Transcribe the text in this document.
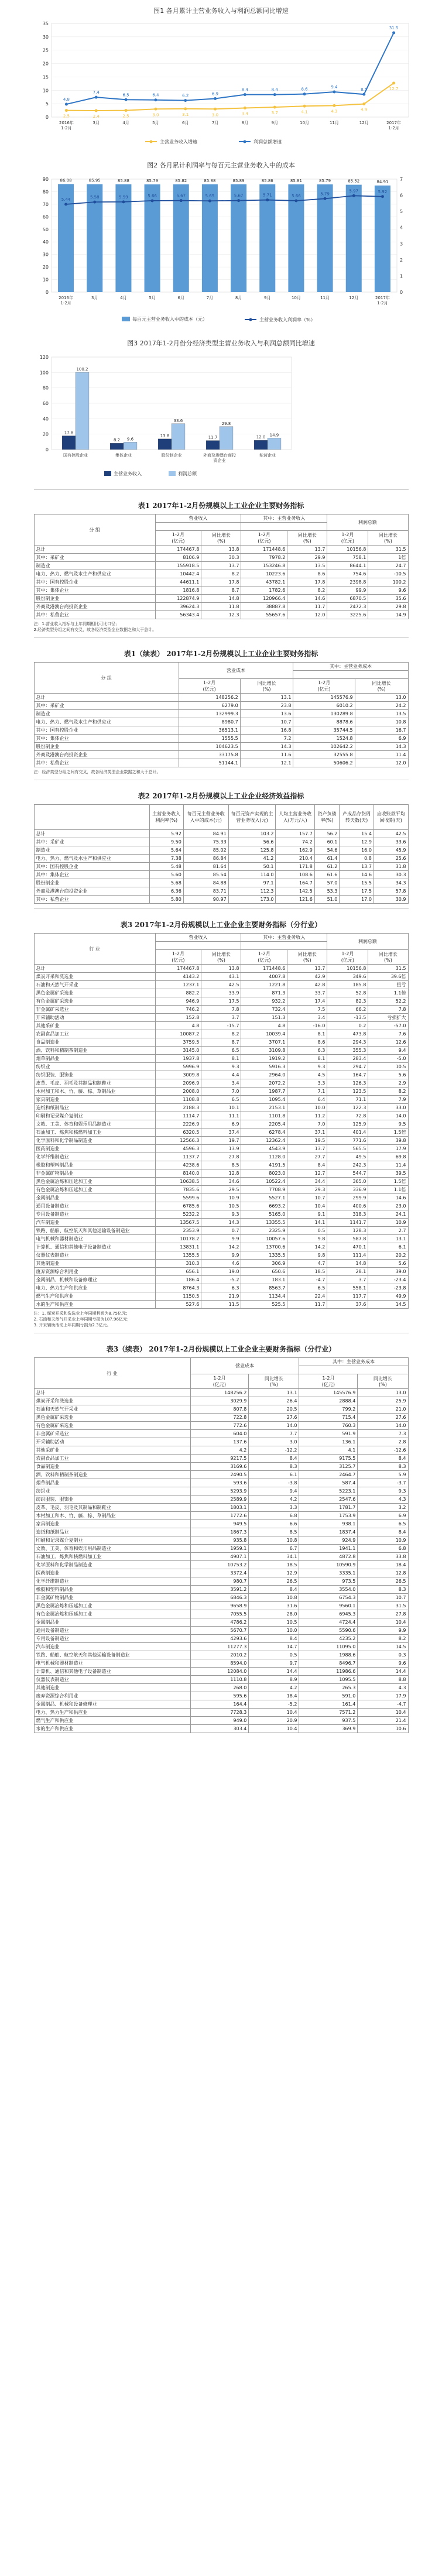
图1 各月累计主营业务收入与利润总额同比增速
0
5
10
15
20
25
30
35
2016年
1-2月
3月	4月	5月	6月	7月	8月	9月	10月	11月	12月	2017年
1-2月
2.5	2.4	2.5	3.0	3.1	3.0	3.4	3.7	4.1	4.3	4.9
12.7
4.8
7.4
6.5	6.4	6.2	6.9
8.4	8.4	8.6	9.4
8.5
31.5
主营业务收入增速	利润总额增速
图2 各月累计利润率与每百元主营业务收入中的成本
0
10
20
30
40
50
60
70
80
90
0
1
2
3
4
5
6
7
86.08	85.95	85.88	85.79	85.82	85.88	85.89	85.86	85.81	85.79	85.52	84.91
5.44	5.58	5.59	5.66	5.67	5.65	5.67	5.71	5.66	5.79
5.97	5.92
2016年
1-2月
3月	4月	5月	6月	7月	8月	9月	10月	11月	12月	2017年
1-2月
每百元主营业务收入中的成本（元）	主营业务收入利润率（%）
图3 2017年1-2月份分经济类型主营业务收入与利润总额同比增速
0
20
40
60
80
100
120
17.8
8.2
13.8	11.7	12.0
100.2
9.6
33.6
29.8
14.9
国有控股企业	集体企业	股份制企业	外商及港澳台商投
资企业
私营企业
主营业务收入	利润总额
表1 2017年1-2月份规模以上工业企业主要财务指标
分 组	营业收入		其中：主营业务收入		利润总额	

	1-2月
(亿元)	同比增长
(%)	1-2月
(亿元)	同比增长
(%)	1-2月
(亿元)	同比增长
(%)
总计	174467.8	13.8	171448.6	13.7	10156.8	31.5
其中：采矿业	8106.9	30.3	7978.2	29.9	758.1	1倍
制造业	155918.5	13.7	153246.8	13.5	8644.1	24.7
电力、热力、燃气及水生产和供应业	10442.4	8.2	10223.6	8.6	754.6	-10.5
其中：国有控股企业	44611.1	17.8	43782.1	17.8	2398.8	100.2
其中：集体企业	1816.8	8.7	1782.6	8.2	99.9	9.6
股份制企业	122874.9	14.8	120966.4	14.6	6870.5	35.6
外商及港澳台商投资企业	39624.3	11.8	38887.8	11.7	2472.3	29.8
其中：私营企业	56343.4	12.3	55657.6	12.0	3225.6	14.9
注：1.营业收入指标与上年同期相比可比口径；
2.经济类型分组之间有交叉，故各经济类型企业数据之和大于总计。
表1（续表） 2017年1-2月份规模以上工业企业主要财务指标
分 组	营业成本		其中：主营业务成本	

	1-2月
(亿元)	同比增长
(%)	1-2月
(亿元)	同比增长
(%)
总计	148256.2	13.1	145576.9	13.0
其中：采矿业	6279.0	23.8	6010.2	24.2
制造业	132999.3	13.6	130289.8	13.5
电力、热力、燃气及水生产和供应业	8980.7	10.7	8878.6	10.8
其中：国有控股企业	36513.1	16.8	35744.5	16.7
其中：集体企业	1555.5	7.2	1524.8	6.9
股份制企业	104623.5	14.3	102642.2	14.3
外商及港澳台商投资企业	33175.8	11.6	32555.8	11.4
其中：私营企业	51144.1	12.1	50606.2	12.0
注：经济类型分组之间有交叉，故各经济类型企业数据之和大于总计。
表2 2017年1-2月份规模以上工业企业经济效益指标
	主营业务收入利润率(%)	每百元主营业务收入中的成本(元)	每百元资产实现的主营业务收入(元)	人均主营业务收入(万元/人)	资产负债率(%)	产成品存货周转天数(天)	应收账款平均回收期(天)
总计	5.92	84.91	103.2	157.7	56.2	15.4	42.5
其中：采矿业	9.50	75.33	56.6	74.2	60.1	12.9	33.6
制造业	5.64	85.02	125.8	162.9	54.6	16.0	45.9
电力、热力、燃气及水生产和供应业	7.38	86.84	41.2	210.4	61.4	0.8	25.6
其中：国有控股企业	5.48	81.64	50.1	171.8	61.2	13.7	31.8
其中：集体企业	5.60	85.54	114.0	108.6	61.6	14.6	30.3
股份制企业	5.68	84.88	97.1	164.7	57.0	15.5	34.3
外商及港澳台商投资企业	6.36	83.71	112.3	142.5	53.3	17.5	57.8
其中：私营企业	5.80	90.97	173.0	121.6	51.0	17.0	30.9
表3 2017年1-2月份规模以上工业企业主要财务指标（分行业）
行 业	营业收入		其中：主营业务收入		利润总额	

	1-2月
(亿元)	同比增长
(%)	1-2月
(亿元)	同比增长
(%)	1-2月
(亿元)	同比增长
(%)
总计	174467.8	13.8	171448.6	13.7	10156.8	31.5
煤炭开采和洗选业	4143.2	43.1	4007.8	42.9	349.6	39.6倍
石油和天然气开采业	1237.1	42.5	1221.8	42.8	185.8	扭亏
黑色金属矿采选业	882.2	33.9	871.3	33.7	52.8	1.1倍
有色金属矿采选业	946.9	17.5	932.2	17.4	82.3	52.2
非金属矿采选业	746.2	7.8	732.4	7.5	66.2	7.8
开采辅助活动	152.8	3.7	151.3	3.4	-13.5	亏损扩大
其他采矿业	4.8	-15.7	4.8	-16.0	0.2	-57.0
农副食品加工业	10087.2	8.2	10039.4	8.1	473.8	7.6
食品制造业	3759.5	8.7	3707.1	8.6	294.3	12.6
酒、饮料和精制茶制造业	3145.0	6.5	3109.8	6.3	355.3	9.4
烟草制品业	1937.8	8.1	1919.2	8.1	283.4	-5.0
纺织业	5996.9	9.3	5916.3	9.3	294.7	10.5
纺织服装、服饰业	3009.8	4.4	2964.0	4.5	164.7	5.6
皮革、毛皮、羽毛及其制品和制鞋业	2096.9	3.4	2072.2	3.3	126.3	2.9
木材加工和木、竹、藤、棕、草制品业	2008.0	7.0	1987.7	7.1	123.5	8.2
家具制造业	1108.8	6.5	1095.4	6.4	71.1	7.9
造纸和纸制品业	2188.3	10.1	2153.1	10.0	122.3	33.0
印刷和记录媒介复制业	1114.7	11.1	1101.8	11.2	72.8	14.0
文教、工美、体育和娱乐用品制造业	2226.9	6.9	2205.4	7.0	125.9	9.5
石油加工、炼焦和核燃料加工业	6320.5	37.4	6278.4	37.1	401.4	1.5倍
化学原料和化学制品制造业	12566.3	19.7	12362.4	19.5	771.6	39.8
医药制造业	4596.3	13.9	4543.9	13.7	565.5	17.9
化学纤维制造业	1137.7	27.8	1128.0	27.7	49.5	69.8
橡胶和塑料制品业	4238.6	8.5	4191.5	8.4	242.3	11.4
非金属矿物制品业	8140.0	12.8	8023.0	12.7	544.7	39.5
黑色金属冶炼和压延加工业	10638.5	34.6	10522.4	34.4	365.0	1.5倍
有色金属冶炼和压延加工业	7835.6	29.5	7708.9	29.3	336.9	1.1倍
金属制品业	5599.6	10.9	5527.1	10.7	299.9	14.6
通用设备制造业	6785.6	10.5	6693.2	10.4	400.6	23.0
专用设备制造业	5232.2	9.3	5165.0	9.1	318.3	24.1
汽车制造业	13567.5	14.3	13355.5	14.1	1141.7	10.9
铁路、船舶、航空航天和其他运输设备制造业	2353.9	0.7	2325.9	0.5	128.3	2.7
电气机械和器材制造业	10178.2	9.9	10057.6	9.8	587.8	13.1
计算机、通信和其他电子设备制造业	13831.1	14.2	13700.6	14.2	470.1	6.1
仪器仪表制造业	1355.5	9.9	1335.5	9.8	111.4	20.2
其他制造业	310.3	4.6	306.9	4.7	14.8	5.6
废弃资源综合利用业	656.1	19.0	650.6	18.5	28.1	39.0
金属制品、机械和设备修理业	186.4	-5.2	183.1	-4.7	3.7	-23.4
电力、热力生产和供应业	8764.3	6.3	8563.7	6.5	558.1	-23.8
燃气生产和供应业	1150.5	21.9	1134.4	22.4	117.7	49.9
水的生产和供应业	527.6	11.5	525.5	11.7	37.6	14.5
注：1. 煤炭开采和洗选业上年同期利润为8.75亿元；
2. 石油和天然气开采业上年同期亏损为187.96亿元；
3. 开采辅助活动上年同期亏损为2.3亿元。
表3（续表） 2017年1-2月份规模以上工业企业主要财务指标（分行业）
行 业	营业成本		其中：主营业务成本	

	1-2月
(亿元)	同比增长
(%)	1-2月
(亿元)	同比增长
(%)
总计	148256.2	13.1	145576.9	13.0
煤炭开采和洗选业	3029.9	26.4	2888.4	25.9
石油和天然气开采业	807.8	20.5	799.2	21.0
黑色金属矿采选业	722.8	27.6	715.4	27.6
有色金属矿采选业	772.6	14.0	760.3	14.0
非金属矿采选业	604.0	7.7	591.9	7.3
开采辅助活动	137.6	3.0	136.1	2.8
其他采矿业	4.2	-12.2	4.1	-12.6
农副食品加工业	9217.5	8.4	9175.5	8.4
食品制造业	3169.6	8.3	3125.7	8.3
酒、饮料和精制茶制造业	2490.5	6.1	2464.7	5.9
烟草制品业	593.6	-3.8	587.4	-3.7
纺织业	5293.9	9.4	5223.1	9.3
纺织服装、服饰业	2589.9	4.2	2547.6	4.3
皮革、毛皮、羽毛及其制品和制鞋业	1803.1	3.3	1781.7	3.2
木材加工和木、竹、藤、棕、草制品业	1772.6	6.8	1753.9	6.9
家具制造业	949.5	6.6	938.1	6.5
造纸和纸制品业	1867.3	8.5	1837.4	8.4
印刷和记录媒介复制业	935.8	10.8	924.9	10.9
文教、工美、体育和娱乐用品制造业	1959.1	6.7	1941.1	6.8
石油加工、炼焦和核燃料加工业	4907.1	34.1	4872.8	33.8
化学原料和化学制品制造业	10753.2	18.5	10590.9	18.4
医药制造业	3372.4	12.9	3335.1	12.8
化学纤维制造业	980.7	26.5	973.5	26.5
橡胶和塑料制品业	3591.2	8.4	3554.0	8.3
非金属矿物制品业	6846.3	10.8	6754.3	10.7
黑色金属冶炼和压延加工业	9658.9	31.6	9560.1	31.5
有色金属冶炼和压延加工业	7055.5	28.0	6945.3	27.8
金属制品业	4786.2	10.5	4724.4	10.4
通用设备制造业	5670.7	10.0	5590.6	9.9
专用设备制造业	4293.6	8.4	4235.2	8.2
汽车制造业	11277.3	14.7	11095.0	14.5
铁路、船舶、航空航天和其他运输设备制造业	2010.2	0.5	1988.6	0.3
电气机械和器材制造业	8594.0	9.7	8496.7	9.6
计算机、通信和其他电子设备制造业	12084.0	14.4	11986.6	14.4
仪器仪表制造业	1110.8	8.9	1095.5	8.8
其他制造业	268.0	4.2	265.3	4.3
废弃资源综合利用业	595.6	18.4	591.0	17.9
金属制品、机械和设备修理业	164.4	-5.2	161.4	-4.7
电力、热力生产和供应业	7728.3	10.4	7571.2	10.4
燃气生产和供应业	949.0	20.9	937.5	21.4
水的生产和供应业	303.4	10.4	369.9	10.6
